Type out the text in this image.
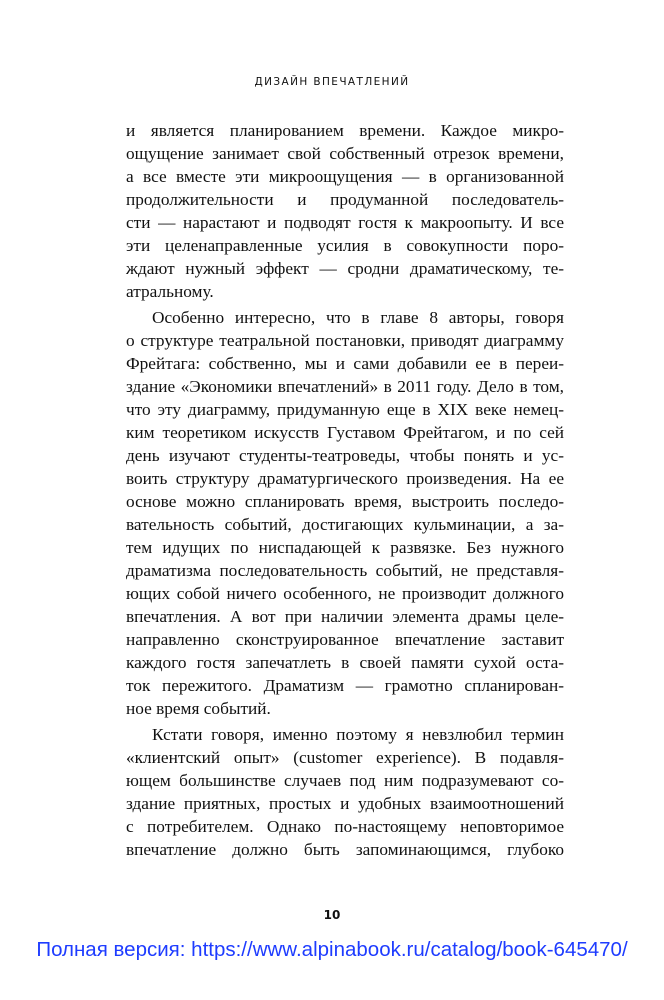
ДИЗАЙН ВПЕЧАТЛЕНИЙ
и является планированием времени. Каждое микро-
ощущение занимает свой собственный отрезок времени,
а все вместе эти микроощущения — в организованной
продолжительности и продуманной последователь-
сти — нарастают и подводят гостя к макроопыту. И все
эти целенаправленные усилия в совокупности поро-
ждают нужный эффект — сродни драматическому, те-
атральному.
Особенно интересно, что в главе 8 авторы, говоря
о структуре театральной постановки, приводят диаграмму
Фрейтага: собственно, мы и сами добавили ее в переи-
здание «Экономики впечатлений» в 2011 году. Дело в том,
что эту диаграмму, придуманную еще в XIX веке немец-
ким теоретиком искусств Густавом Фрейтагом, и по сей
день изучают студенты-театроведы, чтобы понять и ус-
воить структуру драматургического произведения. На ее
основе можно спланировать время, выстроить последо-
вательность событий, достигающих кульминации, а за-
тем идущих по ниспадающей к развязке. Без нужного
драматизма последовательность событий, не представля-
ющих собой ничего особенного, не производит должного
впечатления. А вот при наличии элемента драмы целе-
направленно сконструированное впечатление заставит
каждого гостя запечатлеть в своей памяти сухой оста-
ток пережитого. Драматизм — грамотно спланирован-
ное время событий.
Кстати говоря, именно поэтому я невзлюбил термин
«клиентский опыт» (customer experience). В подавля-
ющем большинстве случаев под ним подразумевают со-
здание приятных, простых и удобных взаимоотношений
с потребителем. Однако по-настоящему неповторимое
впечатление должно быть запоминающимся, глубоко
10
Полная версия: https://www.alpinabook.ru/catalog/book-645470/
